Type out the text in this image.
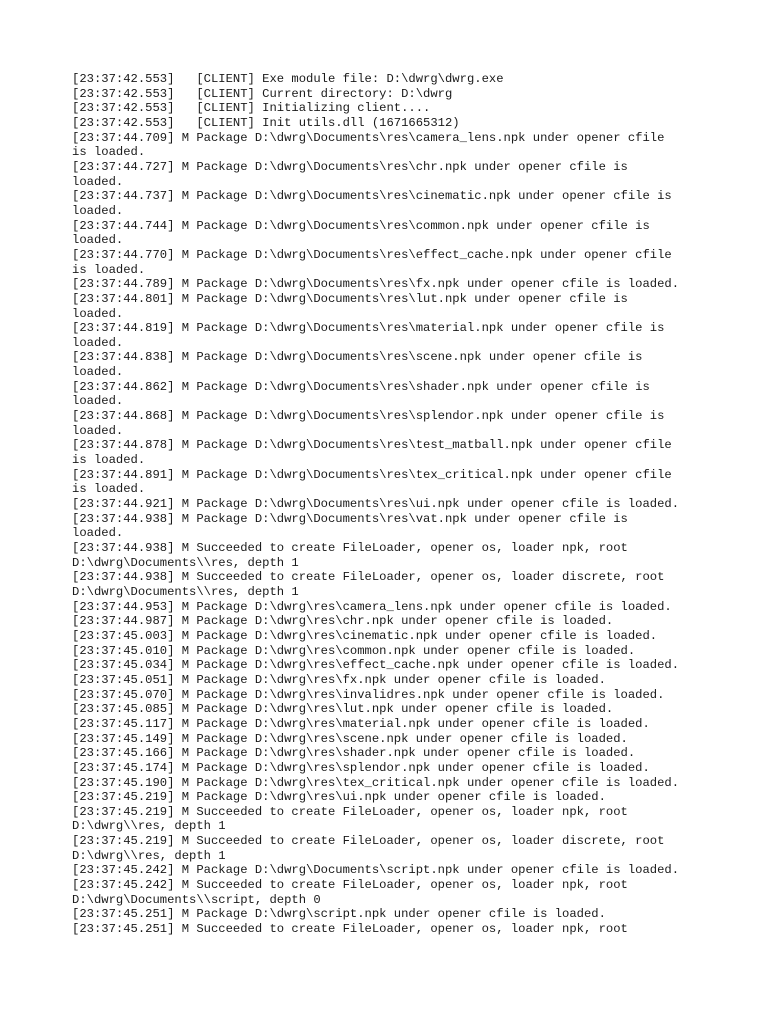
[23:37:42.553]   [CLIENT] Exe module file: D:\dwrg\dwrg.exe
[23:37:42.553]   [CLIENT] Current directory: D:\dwrg
[23:37:42.553]   [CLIENT] Initializing client....
[23:37:42.553]   [CLIENT] Init utils.dll (1671665312)
[23:37:44.709] M Package D:\dwrg\Documents\res\camera_lens.npk under opener cfile
is loaded.
[23:37:44.727] M Package D:\dwrg\Documents\res\chr.npk under opener cfile is
loaded.
[23:37:44.737] M Package D:\dwrg\Documents\res\cinematic.npk under opener cfile is
loaded.
[23:37:44.744] M Package D:\dwrg\Documents\res\common.npk under opener cfile is
loaded.
[23:37:44.770] M Package D:\dwrg\Documents\res\effect_cache.npk under opener cfile
is loaded.
[23:37:44.789] M Package D:\dwrg\Documents\res\fx.npk under opener cfile is loaded.
[23:37:44.801] M Package D:\dwrg\Documents\res\lut.npk under opener cfile is
loaded.
[23:37:44.819] M Package D:\dwrg\Documents\res\material.npk under opener cfile is
loaded.
[23:37:44.838] M Package D:\dwrg\Documents\res\scene.npk under opener cfile is
loaded.
[23:37:44.862] M Package D:\dwrg\Documents\res\shader.npk under opener cfile is
loaded.
[23:37:44.868] M Package D:\dwrg\Documents\res\splendor.npk under opener cfile is
loaded.
[23:37:44.878] M Package D:\dwrg\Documents\res\test_matball.npk under opener cfile
is loaded.
[23:37:44.891] M Package D:\dwrg\Documents\res\tex_critical.npk under opener cfile
is loaded.
[23:37:44.921] M Package D:\dwrg\Documents\res\ui.npk under opener cfile is loaded.
[23:37:44.938] M Package D:\dwrg\Documents\res\vat.npk under opener cfile is
loaded.
[23:37:44.938] M Succeeded to create FileLoader, opener os, loader npk, root
D:\dwrg\Documents\\res, depth 1
[23:37:44.938] M Succeeded to create FileLoader, opener os, loader discrete, root
D:\dwrg\Documents\\res, depth 1
[23:37:44.953] M Package D:\dwrg\res\camera_lens.npk under opener cfile is loaded.
[23:37:44.987] M Package D:\dwrg\res\chr.npk under opener cfile is loaded.
[23:37:45.003] M Package D:\dwrg\res\cinematic.npk under opener cfile is loaded.
[23:37:45.010] M Package D:\dwrg\res\common.npk under opener cfile is loaded.
[23:37:45.034] M Package D:\dwrg\res\effect_cache.npk under opener cfile is loaded.
[23:37:45.051] M Package D:\dwrg\res\fx.npk under opener cfile is loaded.
[23:37:45.070] M Package D:\dwrg\res\invalidres.npk under opener cfile is loaded.
[23:37:45.085] M Package D:\dwrg\res\lut.npk under opener cfile is loaded.
[23:37:45.117] M Package D:\dwrg\res\material.npk under opener cfile is loaded.
[23:37:45.149] M Package D:\dwrg\res\scene.npk under opener cfile is loaded.
[23:37:45.166] M Package D:\dwrg\res\shader.npk under opener cfile is loaded.
[23:37:45.174] M Package D:\dwrg\res\splendor.npk under opener cfile is loaded.
[23:37:45.190] M Package D:\dwrg\res\tex_critical.npk under opener cfile is loaded.
[23:37:45.219] M Package D:\dwrg\res\ui.npk under opener cfile is loaded.
[23:37:45.219] M Succeeded to create FileLoader, opener os, loader npk, root
D:\dwrg\\res, depth 1
[23:37:45.219] M Succeeded to create FileLoader, opener os, loader discrete, root
D:\dwrg\\res, depth 1
[23:37:45.242] M Package D:\dwrg\Documents\script.npk under opener cfile is loaded.
[23:37:45.242] M Succeeded to create FileLoader, opener os, loader npk, root
D:\dwrg\Documents\\script, depth 0
[23:37:45.251] M Package D:\dwrg\script.npk under opener cfile is loaded.
[23:37:45.251] M Succeeded to create FileLoader, opener os, loader npk, root
